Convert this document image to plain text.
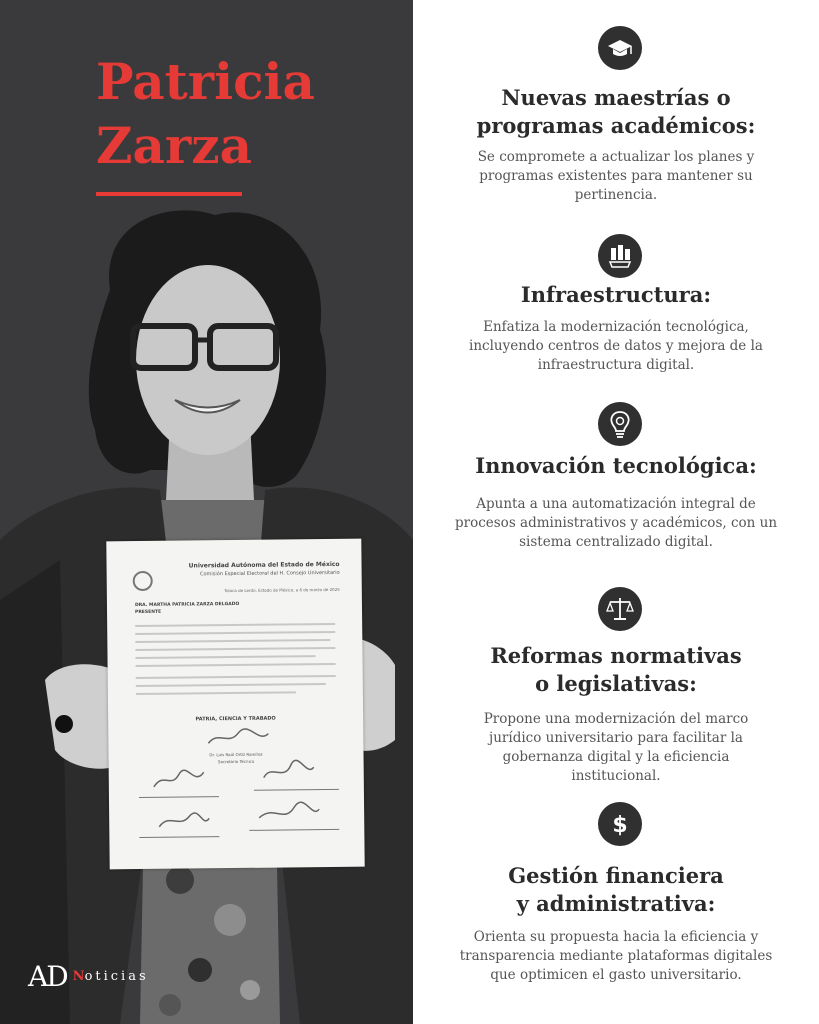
Patricia
Zarza
Universidad Autónoma del Estado de México
Comisión Especial Electoral del H. Consejo Universitario
Toluca de Lerdo, Estado de México, a 6 de marzo de 2025
DRA. MARTHA PATRICIA ZARZA DELGADO
PRESENTE
PATRIA, CIENCIA Y TRABADO
Dr. Luis Raúl Ortiz Ramírez
Secretario Técnico
AD Noticias
Nuevas maestrías o
programas académicos:
Se compromete a actualizar los planes y
programas existentes para mantener su
pertinencia.
Infraestructura:
Enfatiza la modernización tecnológica,
incluyendo centros de datos y mejora de la
infraestructura digital.
Innovación tecnológica:
Apunta a una automatización integral de
procesos administrativos y académicos, con un
sistema centralizado digital.
Reformas normativas
o legislativas:
Propone una modernización del marco
jurídico universitario para facilitar la
gobernanza digital y la eficiencia
institucional.
$
Gestión financiera
y administrativa:
Orienta su propuesta hacia la eficiencia y
transparencia mediante plataformas digitales
que optimicen el gasto universitario.
